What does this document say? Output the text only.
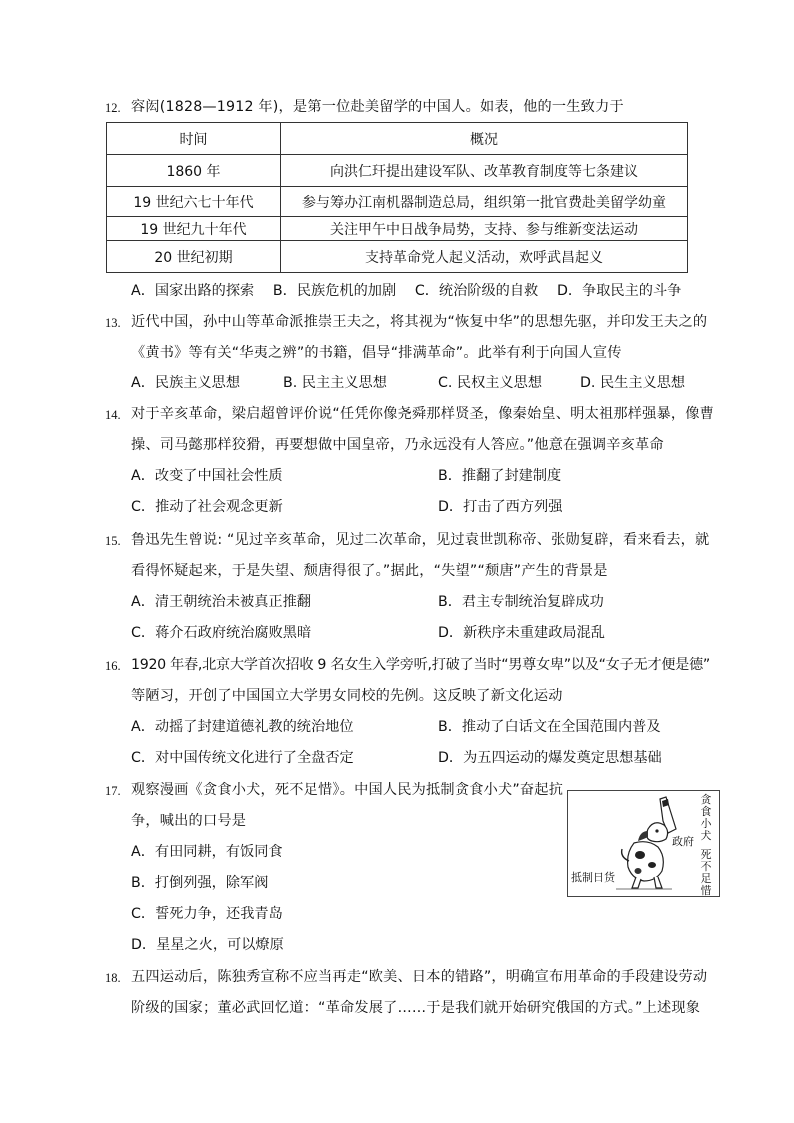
12. 容闳(1828—1912 年)，是第一位赴美留学的中国人。如表，他的一生致力于
时间	概况
1860 年	向洪仁玕提出建设军队、改革教育制度等七条建议
19 世纪六七十年代	参与筹办江南机器制造总局，组织第一批官费赴美留学幼童
19 世纪九十年代	关注甲午中日战争局势，支持、参与维新变法运动
20 世纪初期	支持革命党人起义活动，欢呼武昌起义
A．国家出路的探索　 B．民族危机的加剧　 C．统治阶级的自救　 D．争取民主的斗争
13. 近代中国，孙中山等革命派推崇王夫之，将其视为“恢复中华”的思想先驱，并印发王夫之的
《黄书》等有关“华夷之辨”的书籍，倡导“排满革命”。此举有利于向国人宣传
A．民族主义思想	B. 民主主义思想	C. 民权主义思想	D. 民生主义思想
14. 对于辛亥革命，梁启超曾评价说“任凭你像尧舜那样贤圣，像秦始皇、明太祖那样强暴，像曹
操、司马懿那样狡猾，再要想做中国皇帝，乃永远没有人答应。”他意在强调辛亥革命
A．改变了中国社会性质	B．推翻了封建制度
C．推动了社会观念更新	D．打击了西方列强
15. 鲁迅先生曾说: “见过辛亥革命，见过二次革命，见过袁世凯称帝、张勋复辟，看来看去，就
看得怀疑起来，于是失望、颓唐得很了。”据此，“失望”“颓唐”产生的背景是
A．清王朝统治未被真正推翻	B．君主专制统治复辟成功
C．蒋介石政府统治腐败黑暗	D．新秩序未重建政局混乱
16. 1920 年春,北京大学首次招收 9 名女生入学旁听,打破了当时“男尊女卑”以及“女子无才便是德”
等陋习，开创了中国国立大学男女同校的先例。这反映了新文化运动
A．动摇了封建道德礼教的统治地位	B．推动了白话文在全国范围内普及
C．对中国传统文化进行了全盘否定	D．为五四运动的爆发奠定思想基础
17. 观察漫画《贪食小犬，死不足惜》。中国人民为抵制贪食小犬”奋起抗
争，喊出的口号是
A．有田同耕，有饭同食
B．打倒列强，除军阀
C．誓死力争，还我青岛
D．星星之火，可以燎原
贪食小犬
死不足惜
政府
抵制日货
18. 五四运动后，陈独秀宣称不应当再走“欧美、日本的错路”，明确宣布用革命的手段建设劳动
阶级的国家；董必武回忆道：“革命发展了……于是我们就开始研究俄国的方式。”上述现象
